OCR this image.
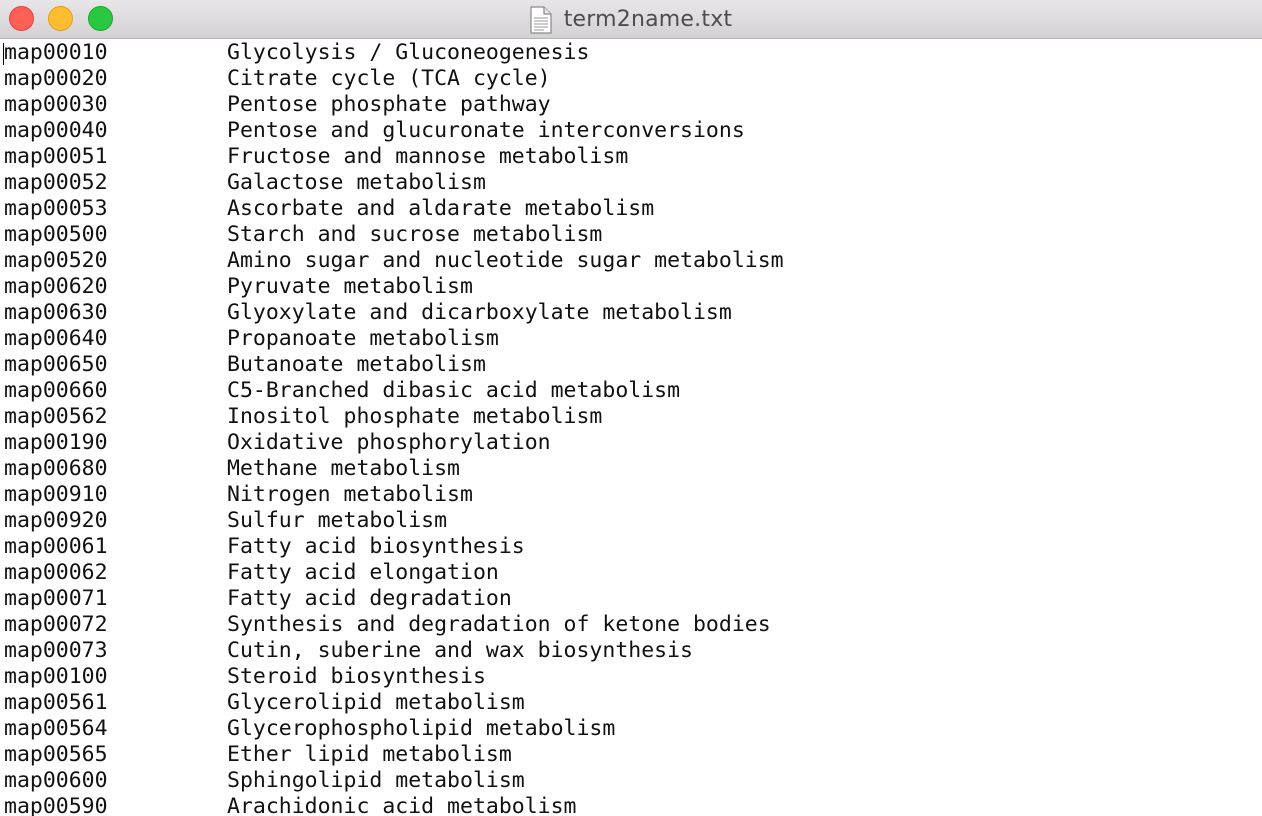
term2name.txt
map00010	Glycolysis / Gluconeogenesis
map00020	Citrate cycle (TCA cycle)
map00030	Pentose phosphate pathway
map00040	Pentose and glucuronate interconversions
map00051	Fructose and mannose metabolism
map00052	Galactose metabolism
map00053	Ascorbate and aldarate metabolism
map00500	Starch and sucrose metabolism
map00520	Amino sugar and nucleotide sugar metabolism
map00620	Pyruvate metabolism
map00630	Glyoxylate and dicarboxylate metabolism
map00640	Propanoate metabolism
map00650	Butanoate metabolism
map00660	C5-Branched dibasic acid metabolism
map00562	Inositol phosphate metabolism
map00190	Oxidative phosphorylation
map00680	Methane metabolism
map00910	Nitrogen metabolism
map00920	Sulfur metabolism
map00061	Fatty acid biosynthesis
map00062	Fatty acid elongation
map00071	Fatty acid degradation
map00072	Synthesis and degradation of ketone bodies
map00073	Cutin, suberine and wax biosynthesis
map00100	Steroid biosynthesis
map00561	Glycerolipid metabolism
map00564	Glycerophospholipid metabolism
map00565	Ether lipid metabolism
map00600	Sphingolipid metabolism
map00590	Arachidonic acid metabolism
